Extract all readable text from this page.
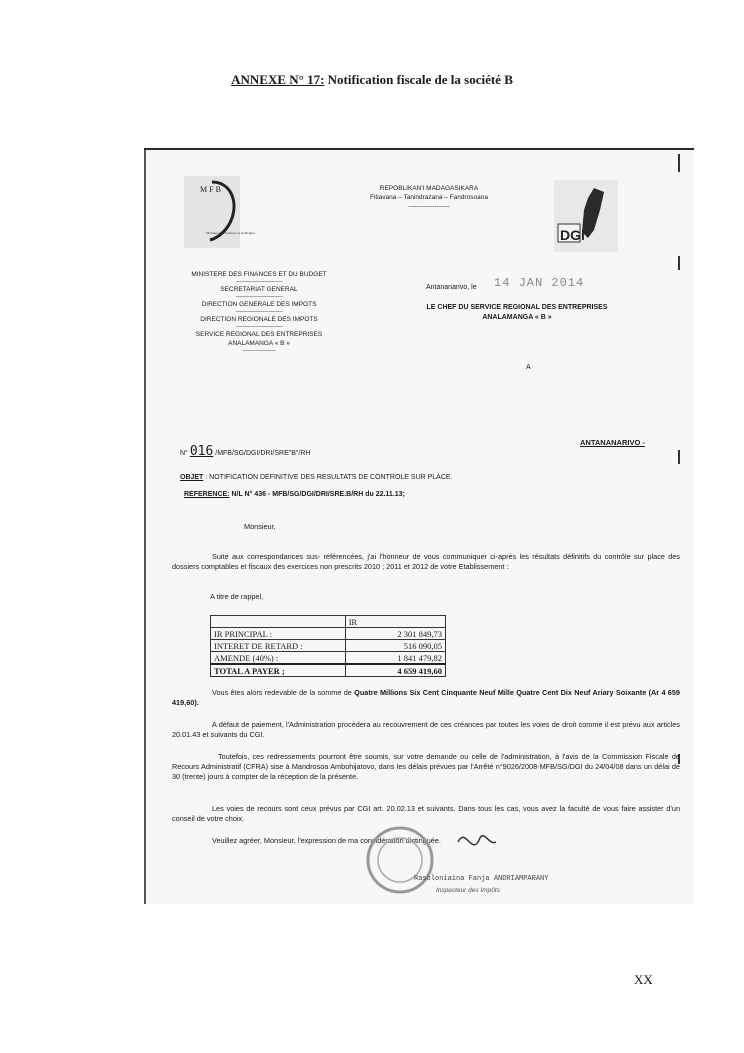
ANNEXE N° 17: Notification fiscale de la société B
M F B
Ministère des Finances et du Budget
REPOBLIKAN'I MADAGASIKARA
Fitiavana – Tanindrazana – Fandrosoana
-------------------
DGi
MINISTERE DES FINANCES ET DU BUDGET
----------------------------
SECRETARIAT GENERAL
----------------------------
DIRECTION GENERALE DES IMPOTS
----------------------------
DIRECTION REGIONALE DES IMPOTS
----------------------------
SERVICE REGIONAL DES ENTREPRISES
ANALAMANGA « B »
--------------------
Antananarivo, le 14 JAN 2014
LE CHEF DU SERVICE REGIONAL DES ENTREPRISES
ANALAMANGA « B »
A
ANTANANARIVO -
N° 016 /MFB/SG/DGI/DRI/SRE"B"/RH
OBJET : NOTIFICATION DEFINITIVE DES RESULTATS DE CONTROLE SUR PLACE.
REFERENCE: N/L N° 436 - MFB/SG/DGI/DRI/SRE.B/RH du 22.11.13;
Monsieur,
Suite aux correspondances sus- référencées, j'ai l'honneur de vous communiquer ci-après les résultats définitifs du contrôle sur place des dossiers comptables et fiscaux des exercices non prescrits 2010 ; 2011 et 2012 de votre Etablissement :
A titre de rappel,
	IR
IR PRINCIPAL :	2 301 849,73
INTERET DE RETARD :	516 090,05
AMENDE (40%) :	1 841 479,82
TOTAL A PAYER ;	4 659 419,60
Vous êtes alors redevable de la somme de Quatre Millions Six Cent Cinquante Neuf Mille Quatre Cent Dix Neuf Ariary Soixante (Ar 4 659 419,60).
A défaut de paiement, l'Administration procèdera au recouvrement de ces créances par toutes les voies de droit comme il est prévu aux articles 20.01.43 et suivants du CGI.
Toutefois, ces redressements pourront être soumis, sur votre demande ou celle de l'administration, à l'avis de la Commission Fiscale de Recours Administratif (CFRA) sise à Mandrosoa Ambohijatovo, dans les délais prévues par l'Arrêté n°9026/2008-MFB/SG/DGI du 24/04/08 dans un délai de 30 (trente) jours à compter de la réception de la présente.
Les voies de recours sont ceux prévus par CGI art. 20.02.13 et suivants. Dans tous les cas, vous avez la faculté de vous faire assister d'un conseil de votre choix.
Veuillez agréer, Monsieur, l'expression de ma considération distinguée.
Rasoloniaina Fanja ANDRIAMPARANY
Inspecteur des Impôts
XX
